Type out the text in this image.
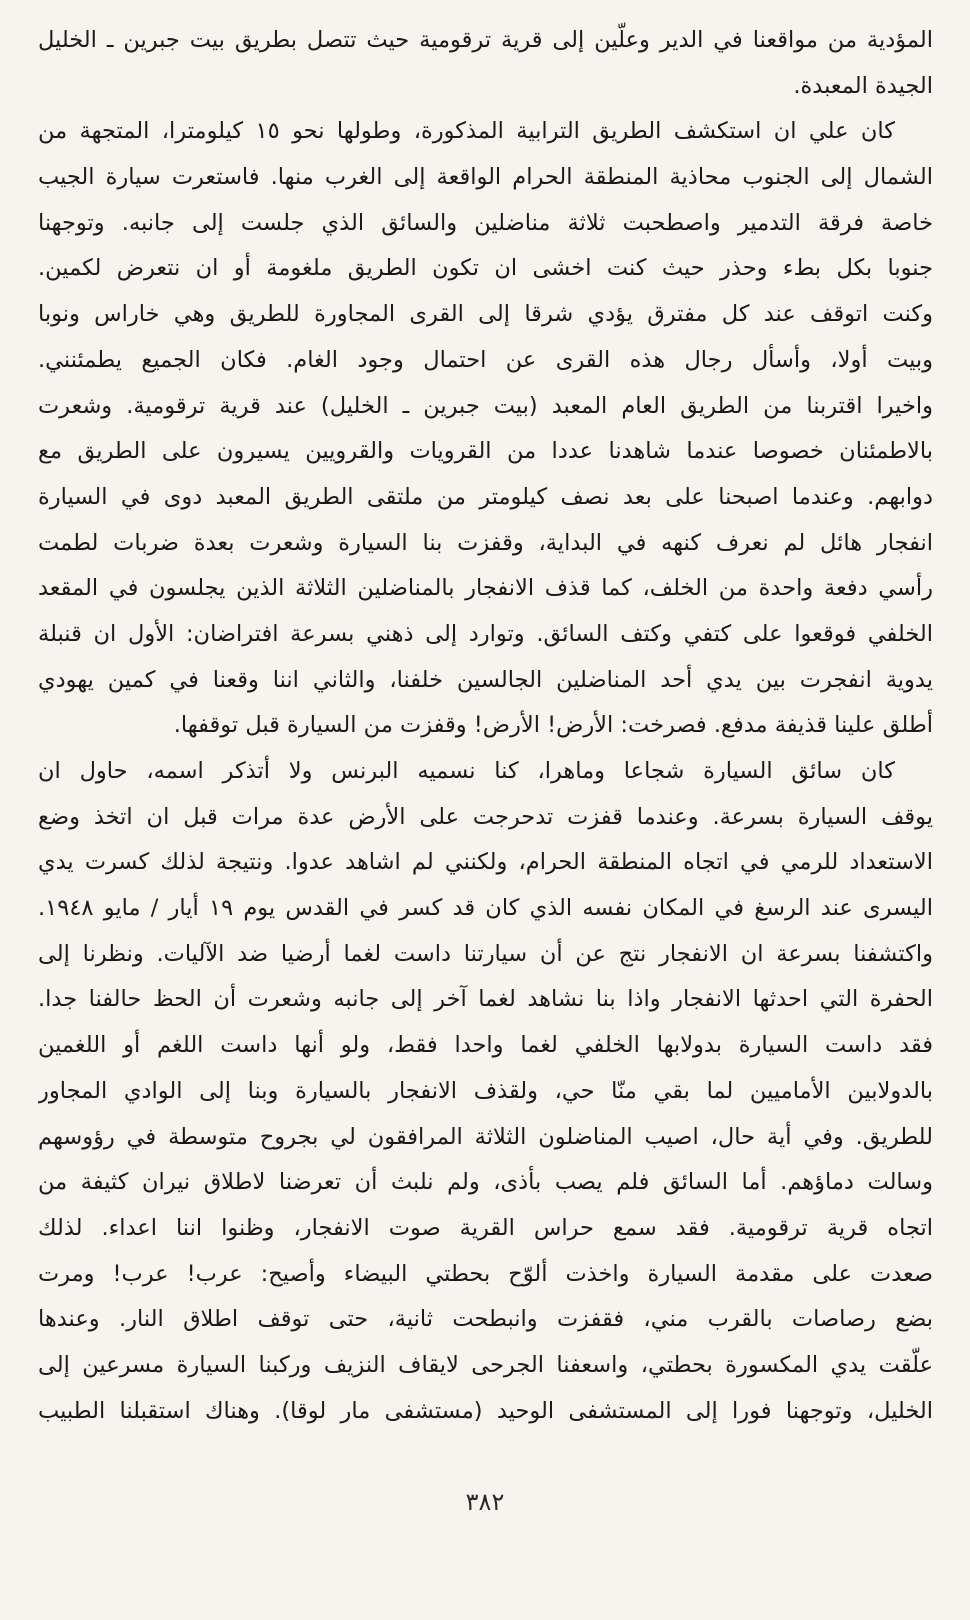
المؤدية من مواقعنا في الدير وعلّين إلى قرية ترقومية حيث تتصل بطريق بيت جبرين ـ الخليل
الجيدة المعبدة.
كان علي ان استكشف الطريق الترابية المذكورة، وطولها نحو ١٥ كيلومترا، المتجهة من
الشمال إلى الجنوب محاذية المنطقة الحرام الواقعة إلى الغرب منها. فاستعرت سيارة الجيب
خاصة فرقة التدمير واصطحبت ثلاثة مناضلين والسائق الذي جلست إلى جانبه. وتوجهنا
جنوبا بكل بطء وحذر حيث كنت اخشى ان تكون الطريق ملغومة أو ان نتعرض لكمين.
وكنت اتوقف عند كل مفترق يؤدي شرقا إلى القرى المجاورة للطريق وهي خاراس ونوبا
وبيت أولا، وأسأل رجال هذه القرى عن احتمال وجود الغام. فكان الجميع يطمئنني.
واخيرا اقتربنا من الطريق العام المعبد (بيت جبرين ـ الخليل) عند قرية ترقومية. وشعرت
بالاطمئنان خصوصا عندما شاهدنا عددا من القرويات والقرويين يسيرون على الطريق مع
دوابهم. وعندما اصبحنا على بعد نصف كيلومتر من ملتقى الطريق المعبد دوى في السيارة
انفجار هائل لم نعرف كنهه في البداية، وقفزت بنا السيارة وشعرت بعدة ضربات لطمت
رأسي دفعة واحدة من الخلف، كما قذف الانفجار بالمناضلين الثلاثة الذين يجلسون في المقعد
الخلفي فوقعوا على كتفي وكتف السائق. وتوارد إلى ذهني بسرعة افتراضان: الأول ان قنبلة
يدوية انفجرت بين يدي أحد المناضلين الجالسين خلفنا، والثاني اننا وقعنا في كمين يهودي
أطلق علينا قذيفة مدفع. فصرخت: الأرض! الأرض! وقفزت من السيارة قبل توقفها.
كان سائق السيارة شجاعا وماهرا، كنا نسميه البرنس ولا أتذكر اسمه، حاول ان
يوقف السيارة بسرعة. وعندما قفزت تدحرجت على الأرض عدة مرات قبل ان اتخذ وضع
الاستعداد للرمي في اتجاه المنطقة الحرام، ولكنني لم اشاهد عدوا. ونتيجة لذلك كسرت يدي
اليسرى عند الرسغ في المكان نفسه الذي كان قد كسر في القدس يوم ١٩ أيار / مايو ١٩٤٨.
واكتشفنا بسرعة ان الانفجار نتج عن أن سيارتنا داست لغما أرضيا ضد الآليات. ونظرنا إلى
الحفرة التي احدثها الانفجار واذا بنا نشاهد لغما آخر إلى جانبه وشعرت أن الحظ حالفنا جدا.
فقد داست السيارة بدولابها الخلفي لغما واحدا فقط، ولو أنها داست اللغم أو اللغمين
بالدولابين الأماميين لما بقي منّا حي، ولقذف الانفجار بالسيارة وبنا إلى الوادي المجاور
للطريق. وفي أية حال، اصيب المناضلون الثلاثة المرافقون لي بجروح متوسطة في رؤوسهم
وسالت دماؤهم. أما السائق فلم يصب بأذى، ولم نلبث أن تعرضنا لاطلاق نيران كثيفة من
اتجاه قرية ترقومية. فقد سمع حراس القرية صوت الانفجار، وظنوا اننا اعداء. لذلك
صعدت على مقدمة السيارة واخذت ألوّح بحطتي البيضاء وأصيح: عرب! عرب! ومرت
بضع رصاصات بالقرب مني، فقفزت وانبطحت ثانية، حتى توقف اطلاق النار. وعندها
علّقت يدي المكسورة بحطتي، واسعفنا الجرحى لايقاف النزيف وركبنا السيارة مسرعين إلى
الخليل، وتوجهنا فورا إلى المستشفى الوحيد (مستشفى مار لوقا). وهناك استقبلنا الطبيب
٣٨٢
